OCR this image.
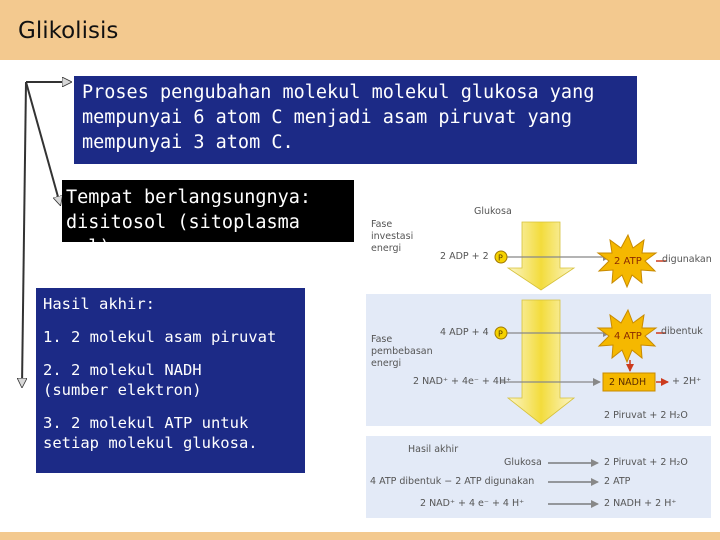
Glikolisis
Proses pengubahan molekul molekul glukosa yang
mempunyai 6 atom C menjadi asam piruvat yang
mempunyai 3 atom C.
Tempat berlangsungnya:
disitosol (sitoplasma sel)
Hasil akhir:
1. 2 molekul asam piruvat
2. 2 molekul NADH
(sumber elektron)
3. 2 molekul ATP untuk
setiap molekul glukosa.
2 ATP
4 ATP
P
P
Glukosa
Fase
investasi
energi
2 ADP + 2	digunakan
Fase
pembebasan
energi
4 ADP + 4	dibentuk
2 NAD⁺ + 4e⁻ + 4H⁺	2 NADH	+ 2H⁺
2 Piruvat + 2 H₂O
Hasil akhir
Glukosa	2 Piruvat + 2 H₂O
4 ATP dibentuk − 2 ATP digunakan	2 ATP
2 NAD⁺ + 4 e⁻ + 4 H⁺	2 NADH + 2 H⁺
